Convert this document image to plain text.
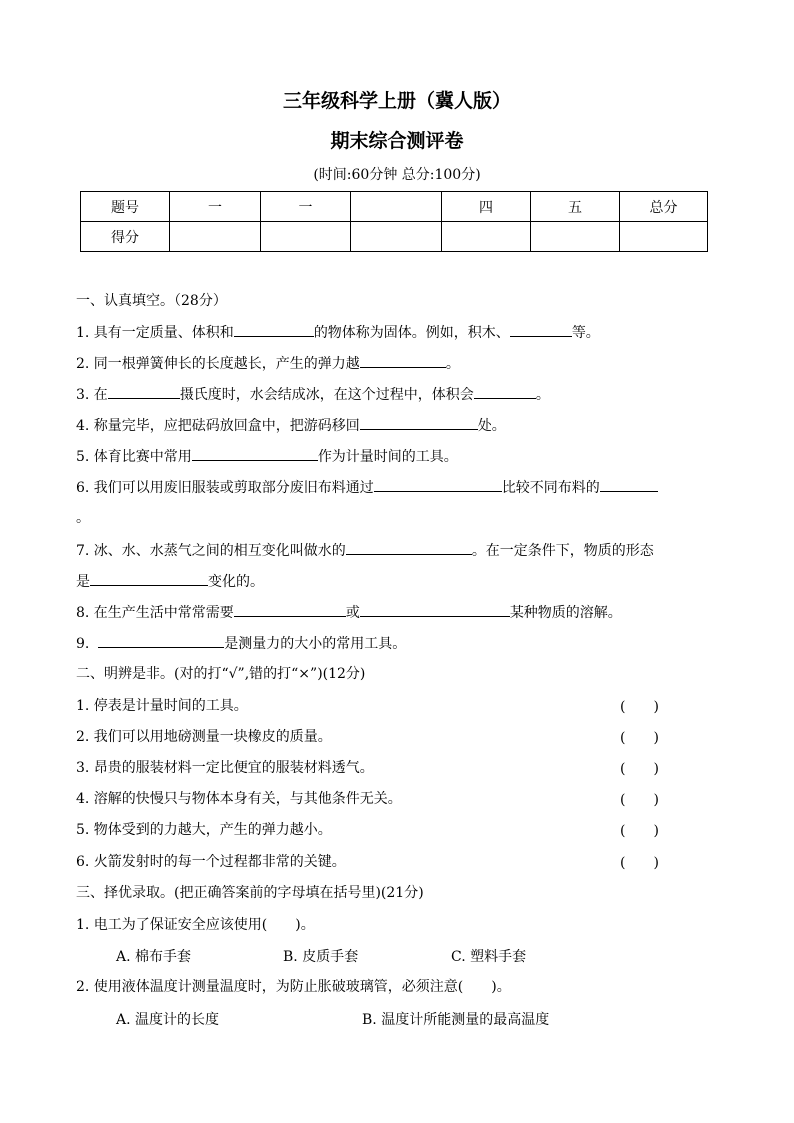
三年级科学上册（冀人版）
期末综合测评卷
(时间:60分钟 总分:100分)
题号	一	一		四	五	总分
得分						
一、认真填空。（28分）
1. 具有一定质量、体积和	的物体称为固体。例如，积木、	等。
2. 同一根弹簧伸长的长度越长，产生的弹力越	。
3. 在	摄氏度时，水会结成冰，在这个过程中，体积会	。
4. 称量完毕，应把砝码放回盒中，把游码移回	处。
5. 体育比赛中常用	作为计量时间的工具。
6. 我们可以用废旧服装或剪取部分废旧布料通过	比较不同布料的
。
7. 冰、水、水蒸气之间的相互变化叫做水的	。在一定条件下，物质的形态
是	变化的。
8. 在生产生活中常常需要	或	某种物质的溶解。
9.	是测量力的大小的常用工具。
二、明辨是非。(对的打“√”,错的打“×”)(12分)
1. 停表是计量时间的工具。	(　　)
2. 我们可以用地磅测量一块橡皮的质量。	(　　)
3. 昂贵的服装材料一定比便宜的服装材料透气。	(　　)
4. 溶解的快慢只与物体本身有关，与其他条件无关。	(　　)
5. 物体受到的力越大，产生的弹力越小。	(　　)
6. 火箭发射时的每一个过程都非常的关键。	(　　)
三、择优录取。(把正确答案前的字母填在括号里)(21分)
1. 电工为了保证安全应该使用(　　)。
A. 棉布手套	B. 皮质手套	C. 塑料手套
2. 使用液体温度计测量温度时，为防止胀破玻璃管，必须注意(　　)。
A. 温度计的长度	B. 温度计所能测量的最高温度
